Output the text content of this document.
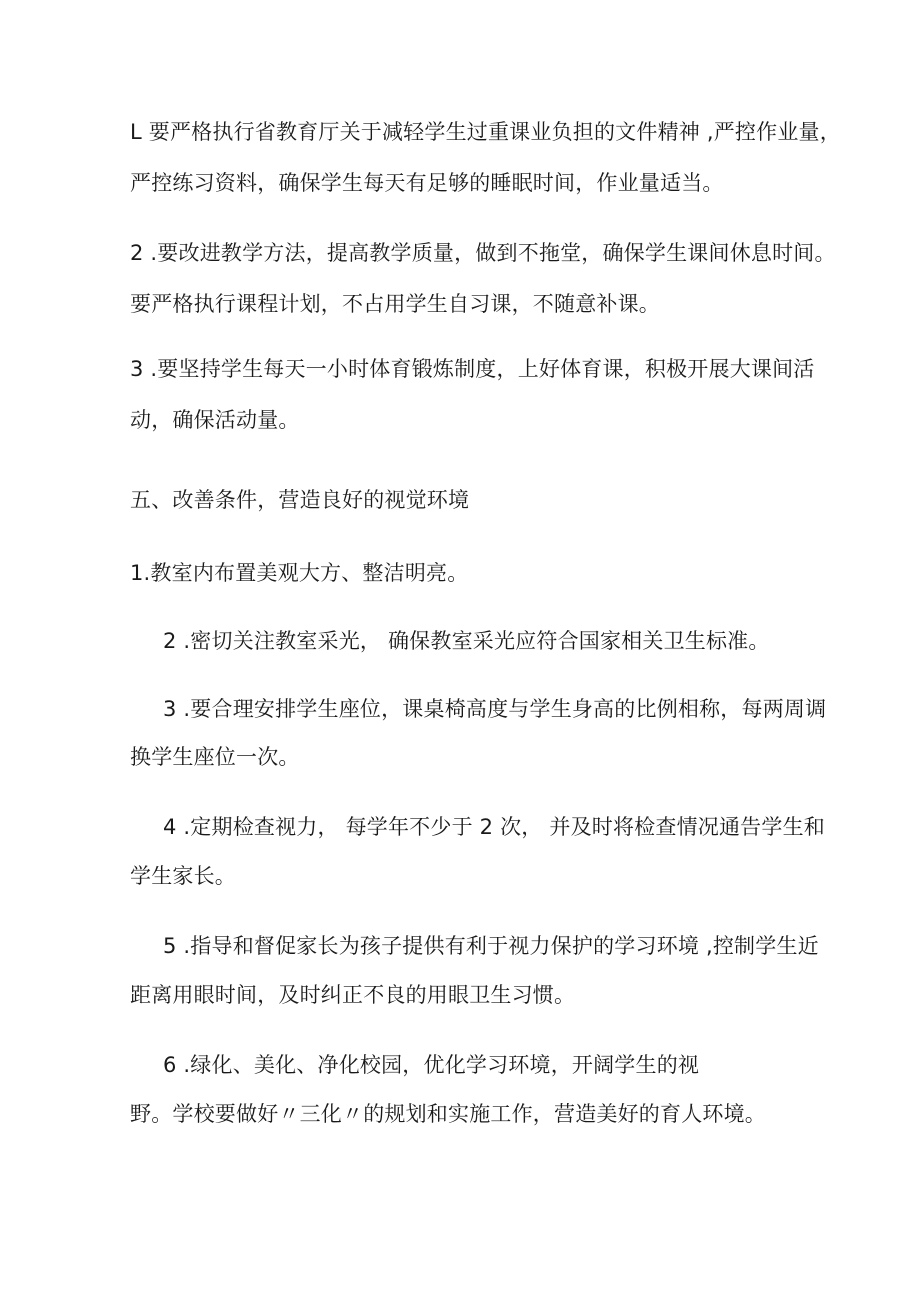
L 要严格执行省教育厅关于减轻学生过重课业负担的文件精神 ,严控作业量，
严控练习资料，确保学生每天有足够的睡眠时间，作业量适当。
2 .要改进教学方法，提高教学质量，做到不拖堂，确保学生课间休息时间。
要严格执行课程计划，不占用学生自习课，不随意补课。
3 .要坚持学生每天一小时体育锻炼制度，上好体育课，积极开展大课间活
动，确保活动量。
五、改善条件，营造良好的视觉环境
1.教室内布置美观大方、整洁明亮。
2 .密切关注教室采光， 确保教室采光应符合国家相关卫生标准。
3 .要合理安排学生座位，课桌椅高度与学生身高的比例相称，每两周调
换学生座位一次。
4 .定期检查视力， 每学年不少于 2 次， 并及时将检查情况通告学生和
学生家长。
5 .指导和督促家长为孩子提供有利于视力保护的学习环境 ,控制学生近
距离用眼时间，及时纠正不良的用眼卫生习惯。
6 .绿化、美化、净化校园，优化学习环境，开阔学生的视
野。学校要做好〃三化〃的规划和实施工作，营造美好的育人环境。
